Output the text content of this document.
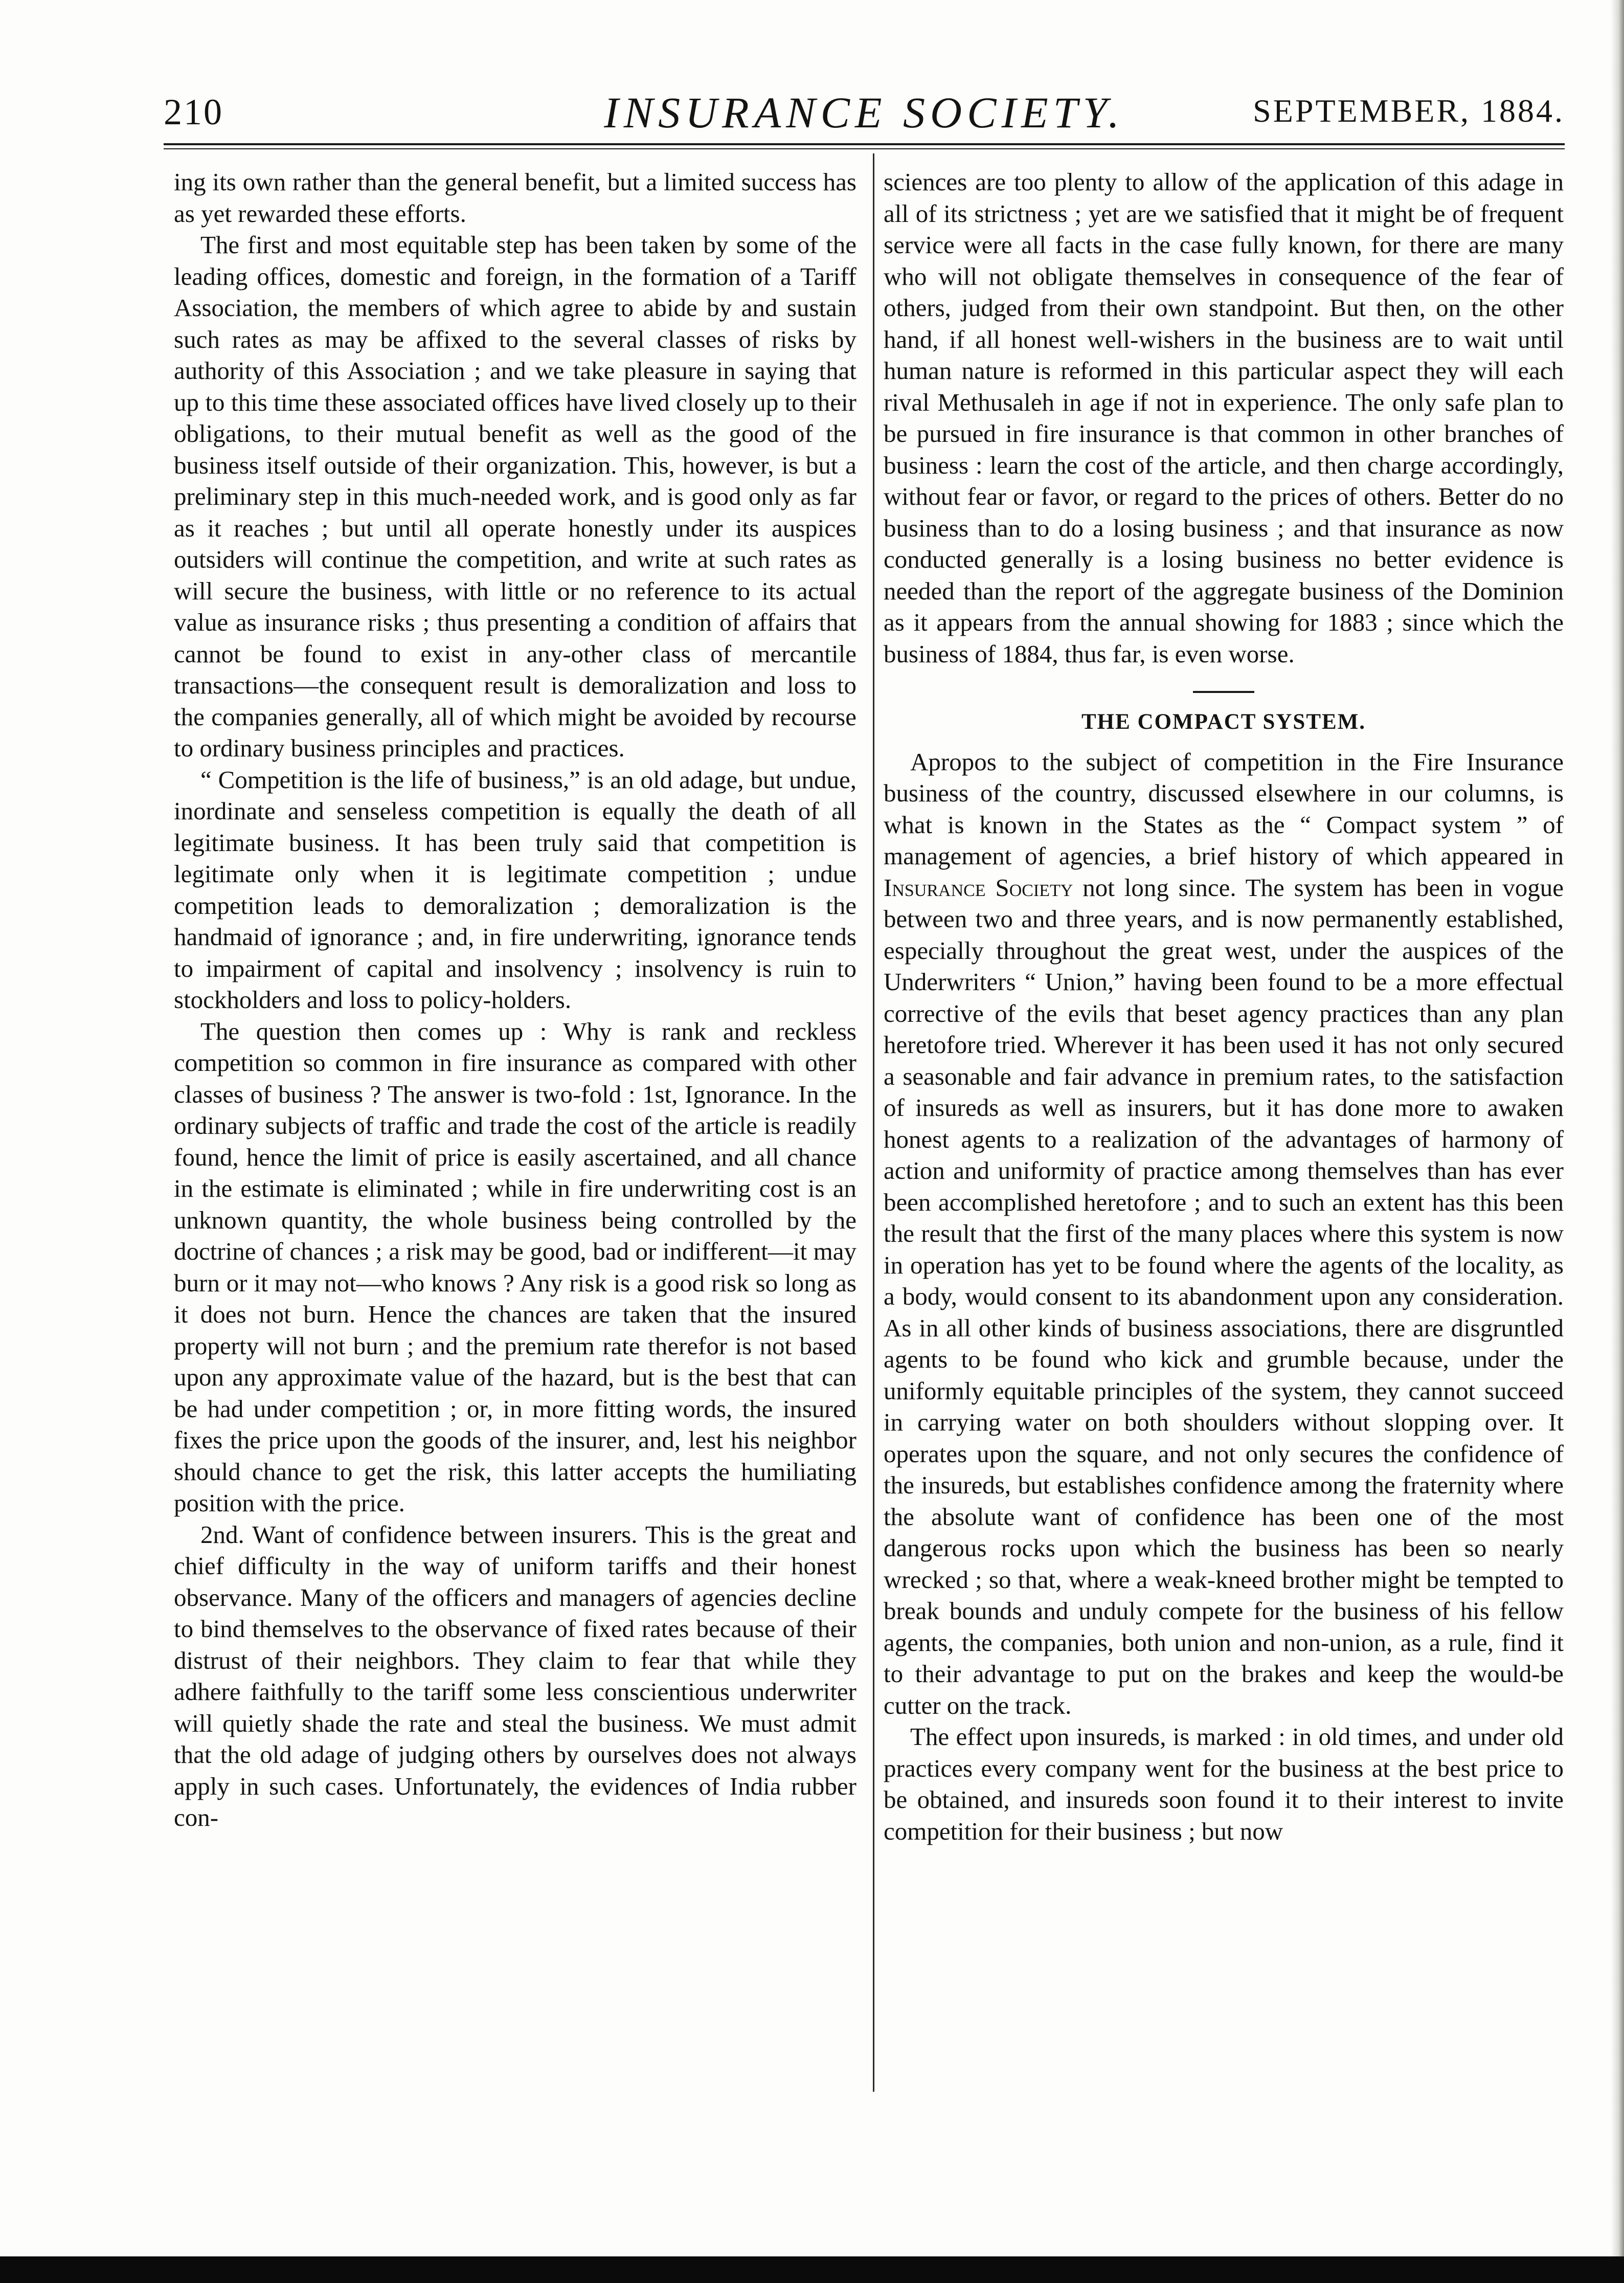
210	INSURANCE SOCIETY.	SEPTEMBER, 1884.

ing its own rather than the general benefit, but a limited success has as yet rewarded these efforts.

The first and most equitable step has been taken by some of the leading offices, domestic and foreign, in the formation of a Tariff Association, the members of which agree to abide by and sustain such rates as may be affixed to the several classes of risks by authority of this Association ; and we take pleasure in saying that up to this time these associated offices have lived closely up to their obligations, to their mutual benefit as well as the good of the business itself outside of their organization. This, however, is but a preliminary step in this much-needed work, and is good only as far as it reaches ; but until all operate honestly under its auspices outsiders will continue the competition, and write at such rates as will secure the business, with little or no reference to its actual value as insurance risks ; thus presenting a condition of affairs that cannot be found to exist in any-other class of mercantile transactions—the consequent result is demoralization and loss to the companies generally, all of which might be avoided by recourse to ordinary business principles and practices.

“ Competition is the life of business,” is an old adage, but undue, inordinate and senseless competition is equally the death of all legitimate business. It has been truly said that competition is legitimate only when it is legitimate competition ; undue competition leads to demoralization ; demoralization is the handmaid of ignorance ; and, in fire underwriting, ignorance tends to impairment of capital and insolvency ; insolvency is ruin to stockholders and loss to policy-holders.

The question then comes up : Why is rank and reckless competition so common in fire insurance as compared with other classes of business ? The answer is two-fold : 1st, Ignorance. In the ordinary subjects of traffic and trade the cost of the article is readily found, hence the limit of price is easily ascertained, and all chance in the estimate is eliminated ; while in fire underwriting cost is an unknown quantity, the whole business being controlled by the doctrine of chances ; a risk may be good, bad or indifferent—it may burn or it may not—who knows ? Any risk is a good risk so long as it does not burn. Hence the chances are taken that the insured property will not burn ; and the premium rate therefor is not based upon any approximate value of the hazard, but is the best that can be had under competition ; or, in more fitting words, the insured fixes the price upon the goods of the insurer, and, lest his neighbor should chance to get the risk, this latter accepts the humiliating position with the price.

2nd. Want of confidence between insurers. This is the great and chief difficulty in the way of uniform tariffs and their honest observance. Many of the officers and managers of agencies decline to bind themselves to the observance of fixed rates because of their distrust of their neighbors. They claim to fear that while they adhere faithfully to the tariff some less conscientious underwriter will quietly shade the rate and steal the business. We must admit that the old adage of judging others by ourselves does not always apply in such cases. Unfortunately, the evidences of India rubber con-

sciences are too plenty to allow of the application of this adage in all of its strictness ; yet are we satisfied that it might be of frequent service were all facts in the case fully known, for there are many who will not obligate themselves in consequence of the fear of others, judged from their own standpoint. But then, on the other hand, if all honest well-wishers in the business are to wait until human nature is reformed in this particular aspect they will each rival Methusaleh in age if not in experience. The only safe plan to be pursued in fire insurance is that common in other branches of business : learn the cost of the article, and then charge accordingly, without fear or favor, or regard to the prices of others. Better do no business than to do a losing business ; and that insurance as now conducted generally is a losing business no better evidence is needed than the report of the aggregate business of the Dominion as it appears from the annual showing for 1883 ; since which the business of 1884, thus far, is even worse.

THE COMPACT SYSTEM.

Apropos to the subject of competition in the Fire Insurance business of the country, discussed elsewhere in our columns, is what is known in the States as the “ Compact system ” of management of agencies, a brief history of which appeared in Insurance Society not long since. The system has been in vogue between two and three years, and is now permanently established, especially throughout the great west, under the auspices of the Underwriters “ Union,” having been found to be a more effectual corrective of the evils that beset agency practices than any plan heretofore tried. Wherever it has been used it has not only secured a seasonable and fair advance in premium rates, to the satisfaction of insureds as well as insurers, but it has done more to awaken honest agents to a realization of the advantages of harmony of action and uniformity of practice among themselves than has ever been accomplished heretofore ; and to such an extent has this been the result that the first of the many places where this system is now in operation has yet to be found where the agents of the locality, as a body, would consent to its abandonment upon any consideration. As in all other kinds of business associations, there are disgruntled agents to be found who kick and grumble because, under the uniformly equitable principles of the system, they cannot succeed in carrying water on both shoulders without slopping over. It operates upon the square, and not only secures the confidence of the insureds, but establishes confidence among the fraternity where the absolute want of confidence has been one of the most dangerous rocks upon which the business has been so nearly wrecked ; so that, where a weak-kneed brother might be tempted to break bounds and unduly compete for the business of his fellow agents, the companies, both union and non-union, as a rule, find it to their advantage to put on the brakes and keep the would-be cutter on the track.

The effect upon insureds, is marked : in old times, and under old practices every company went for the business at the best price to be obtained, and insureds soon found it to their interest to invite competition for their business ; but now
